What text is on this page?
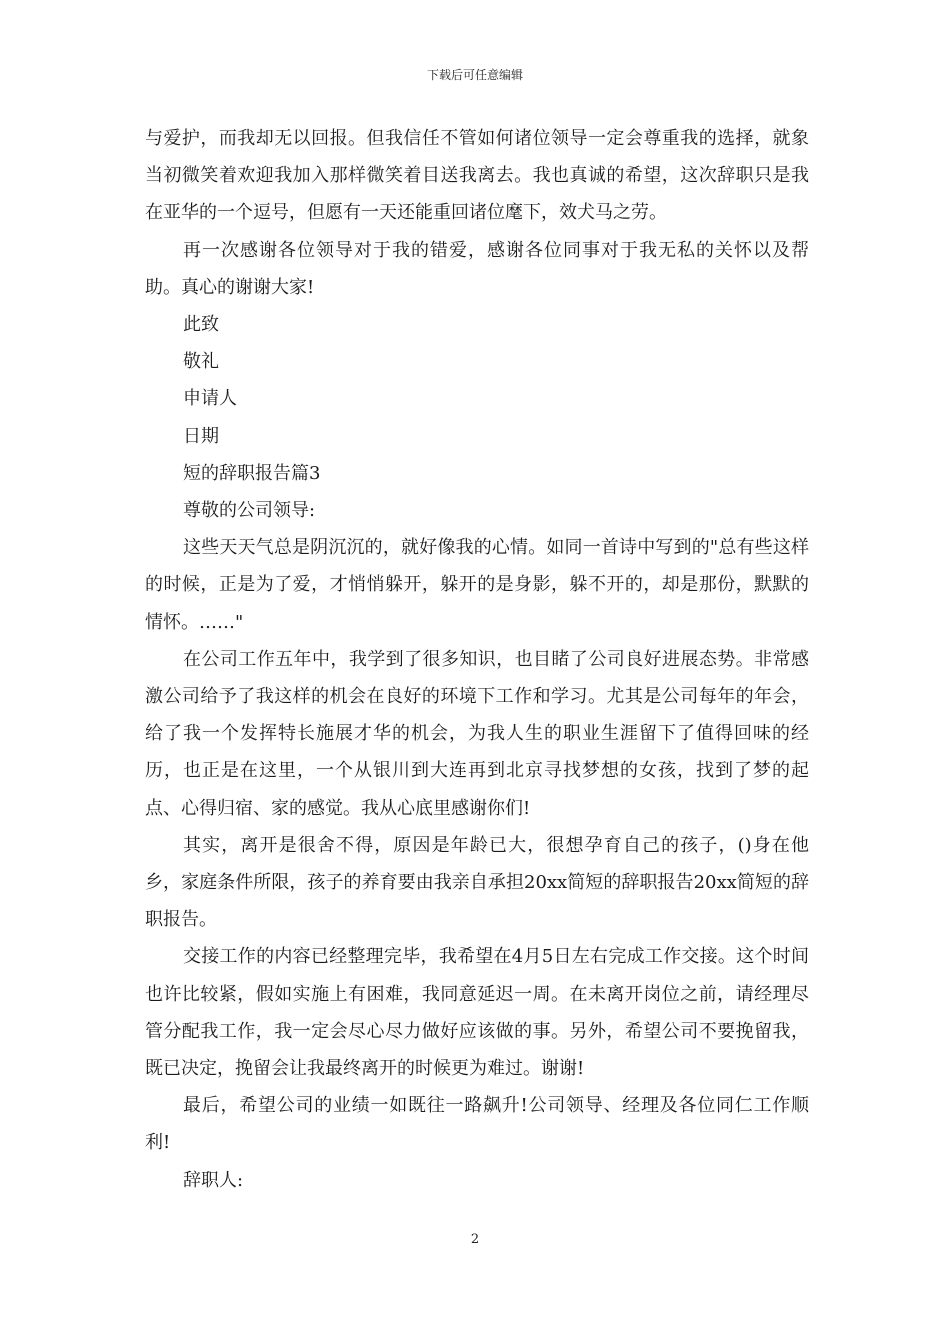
下载后可任意编辑

与爱护，而我却无以回报。但我信任不管如何诸位领导一定会尊重我的选择，就象当初微笑着欢迎我加入那样微笑着目送我离去。我也真诚的希望，这次辞职只是我在亚华的一个逗号，但愿有一天还能重回诸位麾下，效犬马之劳。

再一次感谢各位领导对于我的错爱，感谢各位同事对于我无私的关怀以及帮助。真心的谢谢大家!

此致

敬礼

申请人

日期

短的辞职报告篇3

尊敬的公司领导:

这些天天气总是阴沉沉的，就好像我的心情。如同一首诗中写到的"总有些这样的时候，正是为了爱，才悄悄躲开，躲开的是身影，躲不开的，却是那份，默默的情怀。……"

在公司工作五年中，我学到了很多知识，也目睹了公司良好进展态势。非常感激公司给予了我这样的机会在良好的环境下工作和学习。尤其是公司每年的年会，给了我一个发挥特长施展才华的机会，为我人生的职业生涯留下了值得回味的经历，也正是在这里，一个从银川到大连再到北京寻找梦想的女孩，找到了梦的起点、心得归宿、家的感觉。我从心底里感谢你们!

其实，离开是很舍不得，原因是年龄已大，很想孕育自己的孩子，()身在他乡，家庭条件所限，孩子的养育要由我亲自承担20xx简短的辞职报告20xx简短的辞职报告。

交接工作的内容已经整理完毕，我希望在4月5日左右完成工作交接。这个时间也许比较紧，假如实施上有困难，我同意延迟一周。在未离开岗位之前，请经理尽管分配我工作，我一定会尽心尽力做好应该做的事。另外，希望公司不要挽留我，既已决定，挽留会让我最终离开的时候更为难过。谢谢!

最后，希望公司的业绩一如既往一路飙升!公司领导、经理及各位同仁工作顺利!

辞职人:

2
